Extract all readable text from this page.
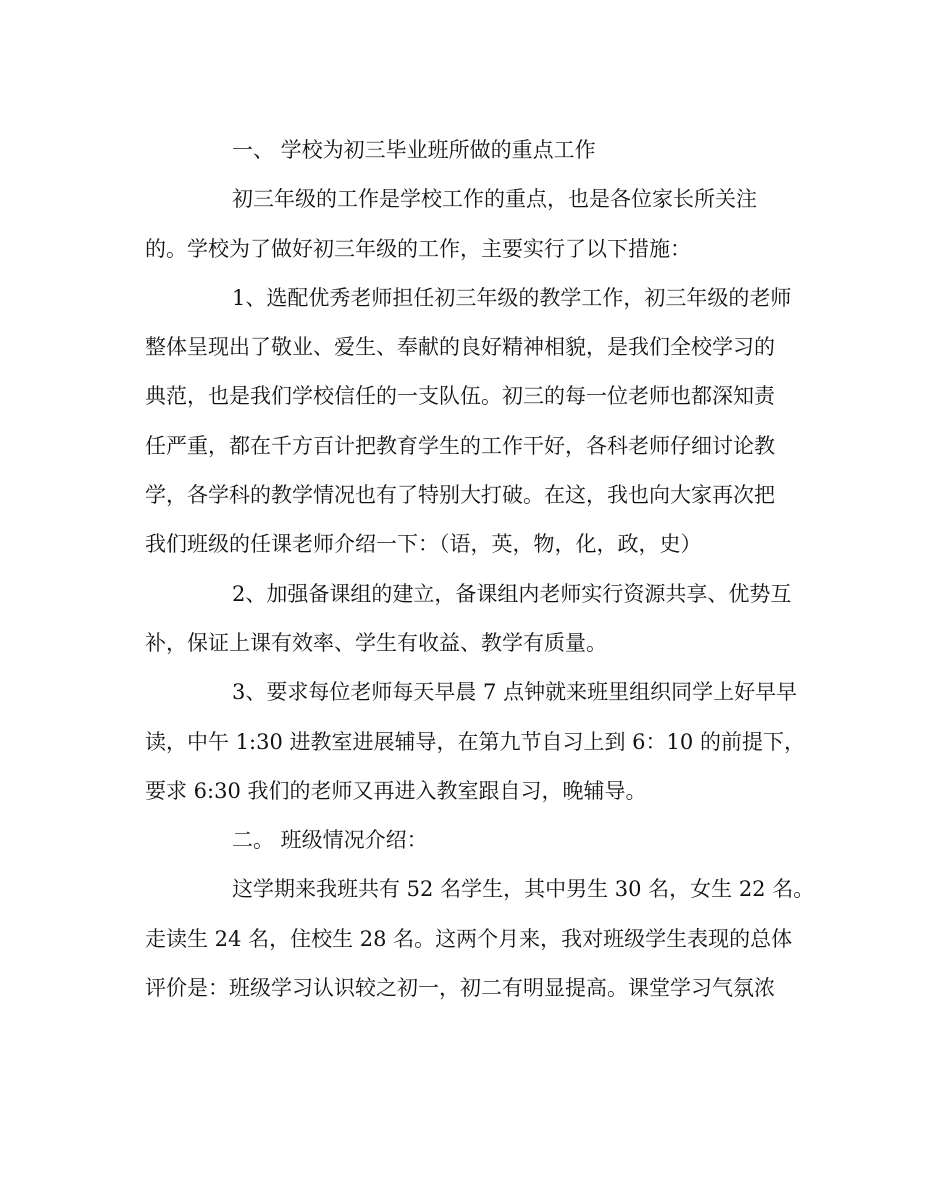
一、 学校为初三毕业班所做的重点工作
初三年级的工作是学校工作的重点，也是各位家长所关注
的。学校为了做好初三年级的工作，主要实行了以下措施：
1、选配优秀老师担任初三年级的教学工作，初三年级的老师
整体呈现出了敬业、爱生、奉献的良好精神相貌，是我们全校学习的
典范，也是我们学校信任的一支队伍。初三的每一位老师也都深知责
任严重，都在千方百计把教育学生的工作干好，各科老师仔细讨论教
学，各学科的教学情况也有了特别大打破。在这，我也向大家再次把
我们班级的任课老师介绍一下：（语，英，物，化，政，史）
2、加强备课组的建立，备课组内老师实行资源共享、优势互
补，保证上课有效率、学生有收益、教学有质量。
3、要求每位老师每天早晨 7 点钟就来班里组织同学上好早早
读，中午 1:30 进教室进展辅导，在第九节自习上到 6：10 的前提下，
要求 6:30 我们的老师又再进入教室跟自习，晚辅导。
二。 班级情况介绍：
这学期来我班共有 52 名学生，其中男生 30 名，女生 22 名。
走读生 24 名，住校生 28 名。这两个月来，我对班级学生表现的总体
评价是：班级学习认识较之初一，初二有明显提高。课堂学习气氛浓
